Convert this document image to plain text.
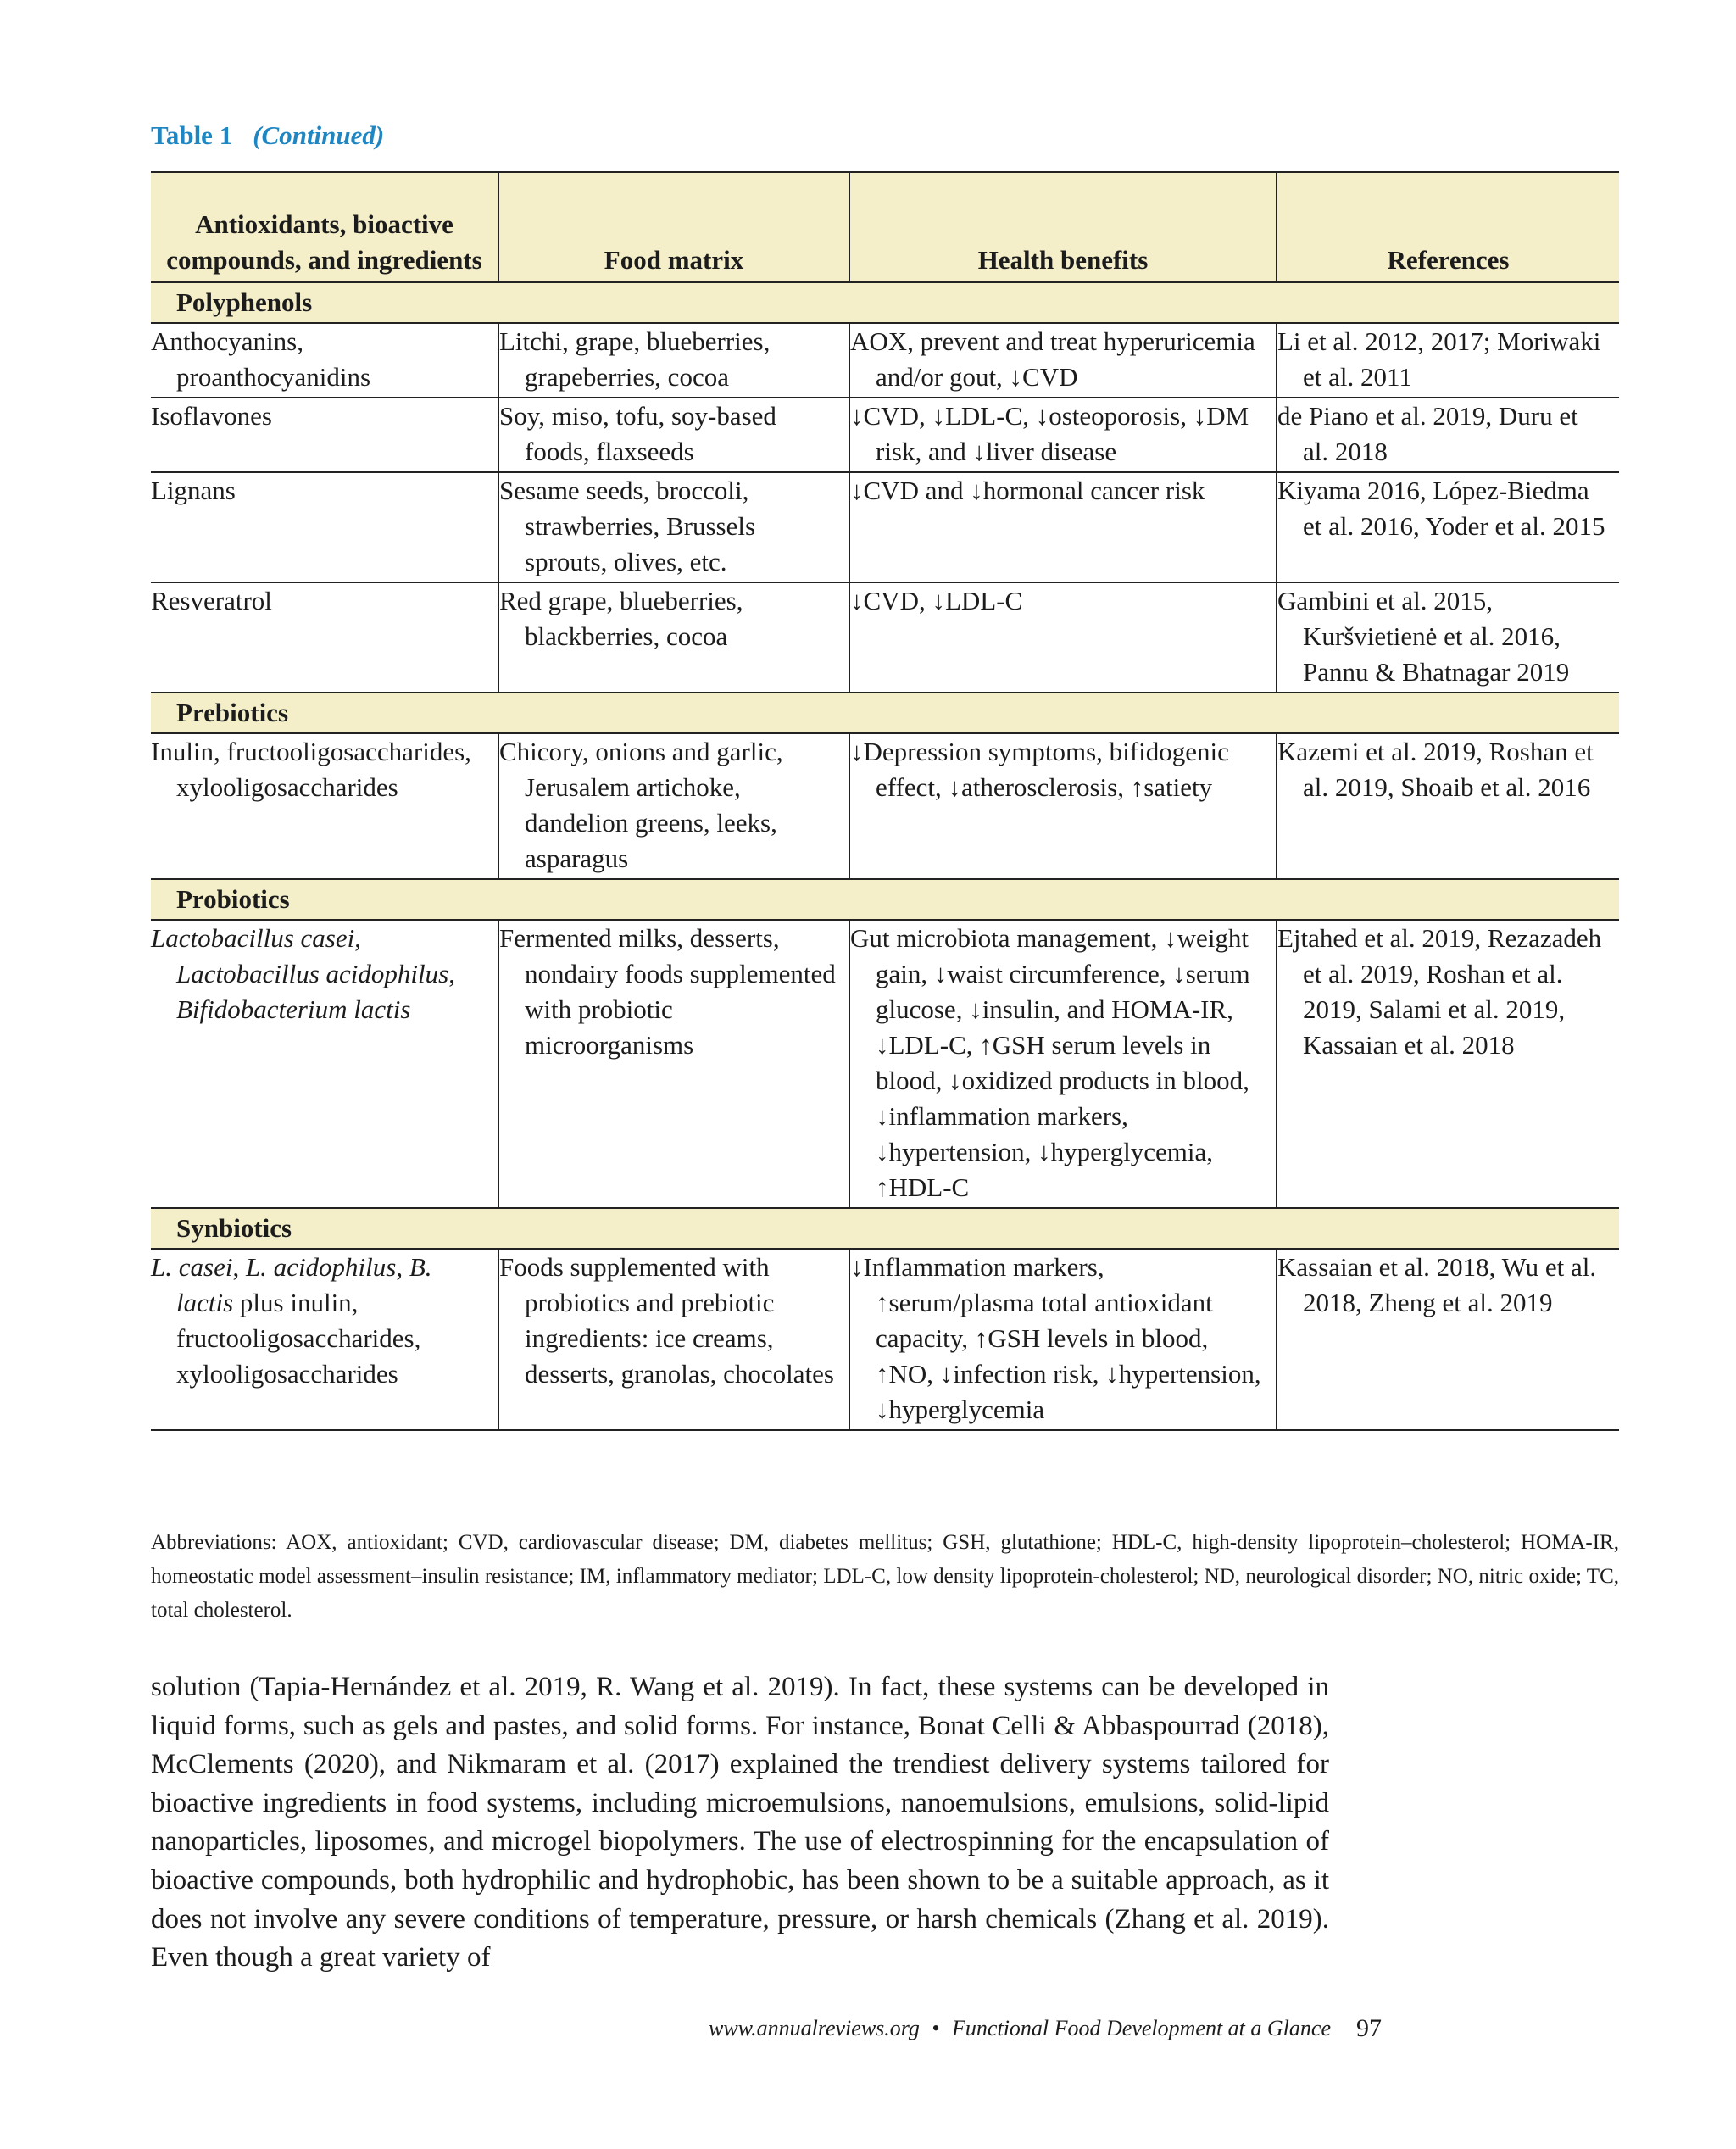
Table 1 (Continued)
Antioxidants, bioactive compounds, and ingredients	Food matrix	Health benefits	References
Polyphenols			
Anthocyanins, proanthocyanidins	Litchi, grape, blueberries, grapeberries, cocoa	AOX, prevent and treat hyperuricemia and/or gout, ↓CVD	Li et al. 2012, 2017; Moriwaki et al. 2011
Isoflavones	Soy, miso, tofu, soy-based foods, flaxseeds	↓CVD, ↓LDL-C, ↓osteoporosis, ↓DM risk, and ↓liver disease	de Piano et al. 2019, Duru et al. 2018
Lignans	Sesame seeds, broccoli, strawberries, Brussels sprouts, olives, etc.	↓CVD and ↓hormonal cancer risk	Kiyama 2016, López-Biedma et al. 2016, Yoder et al. 2015
Resveratrol	Red grape, blueberries, blackberries, cocoa	↓CVD, ↓LDL-C	Gambini et al. 2015, Kuršvietienė et al. 2016, Pannu & Bhatnagar 2019
Prebiotics			
Inulin, fructooligosaccharides, xylooligosaccharides	Chicory, onions and garlic, Jerusalem artichoke, dandelion greens, leeks, asparagus	↓Depression symptoms, bifidogenic effect, ↓atherosclerosis, ↑satiety	Kazemi et al. 2019, Roshan et al. 2019, Shoaib et al. 2016
Probiotics			
Lactobacillus casei, Lactobacillus acidophilus, Bifidobacterium lactis	Fermented milks, desserts, nondairy foods supplemented with probiotic microorganisms	Gut microbiota management, ↓weight gain, ↓waist circumference, ↓serum glucose, ↓insulin, and HOMA-IR, ↓LDL-C, ↑GSH serum levels in blood, ↓oxidized products in blood, ↓inflammation markers, ↓hypertension, ↓hyperglycemia, ↑HDL-C	Ejtahed et al. 2019, Rezazadeh et al. 2019, Roshan et al. 2019, Salami et al. 2019, Kassaian et al. 2018
Synbiotics			
L. casei, L. acidophilus, B. lactis plus inulin, fructooligosaccharides, xylooligosaccharides	Foods supplemented with probiotics and prebiotic ingredients: ice creams, desserts, granolas, chocolates	↓Inflammation markers, ↑serum/plasma total antioxidant capacity, ↑GSH levels in blood, ↑NO, ↓infection risk, ↓hypertension, ↓hyperglycemia	Kassaian et al. 2018, Wu et al. 2018, Zheng et al. 2019
Abbreviations: AOX, antioxidant; CVD, cardiovascular disease; DM, diabetes mellitus; GSH, glutathione; HDL-C, high-density lipoprotein–cholesterol; HOMA-IR, homeostatic model assessment–insulin resistance; IM, inflammatory mediator; LDL-C, low density lipoprotein-cholesterol; ND, neurological disorder; NO, nitric oxide; TC, total cholesterol.
solution (Tapia-Hernández et al. 2019, R. Wang et al. 2019). In fact, these systems can be developed in liquid forms, such as gels and pastes, and solid forms. For instance, Bonat Celli & Abbaspourrad (2018), McClements (2020), and Nikmaram et al. (2017) explained the trendiest delivery systems tailored for bioactive ingredients in food systems, including microemulsions, nanoemulsions, emulsions, solid-lipid nanoparticles, liposomes, and microgel biopolymers. The use of electrospinning for the encapsulation of bioactive compounds, both hydrophilic and hydrophobic, has been shown to be a suitable approach, as it does not involve any severe conditions of temperature, pressure, or harsh chemicals (Zhang et al. 2019). Even though a great variety of
www.annualreviews.org • Functional Food Development at a Glance 97
